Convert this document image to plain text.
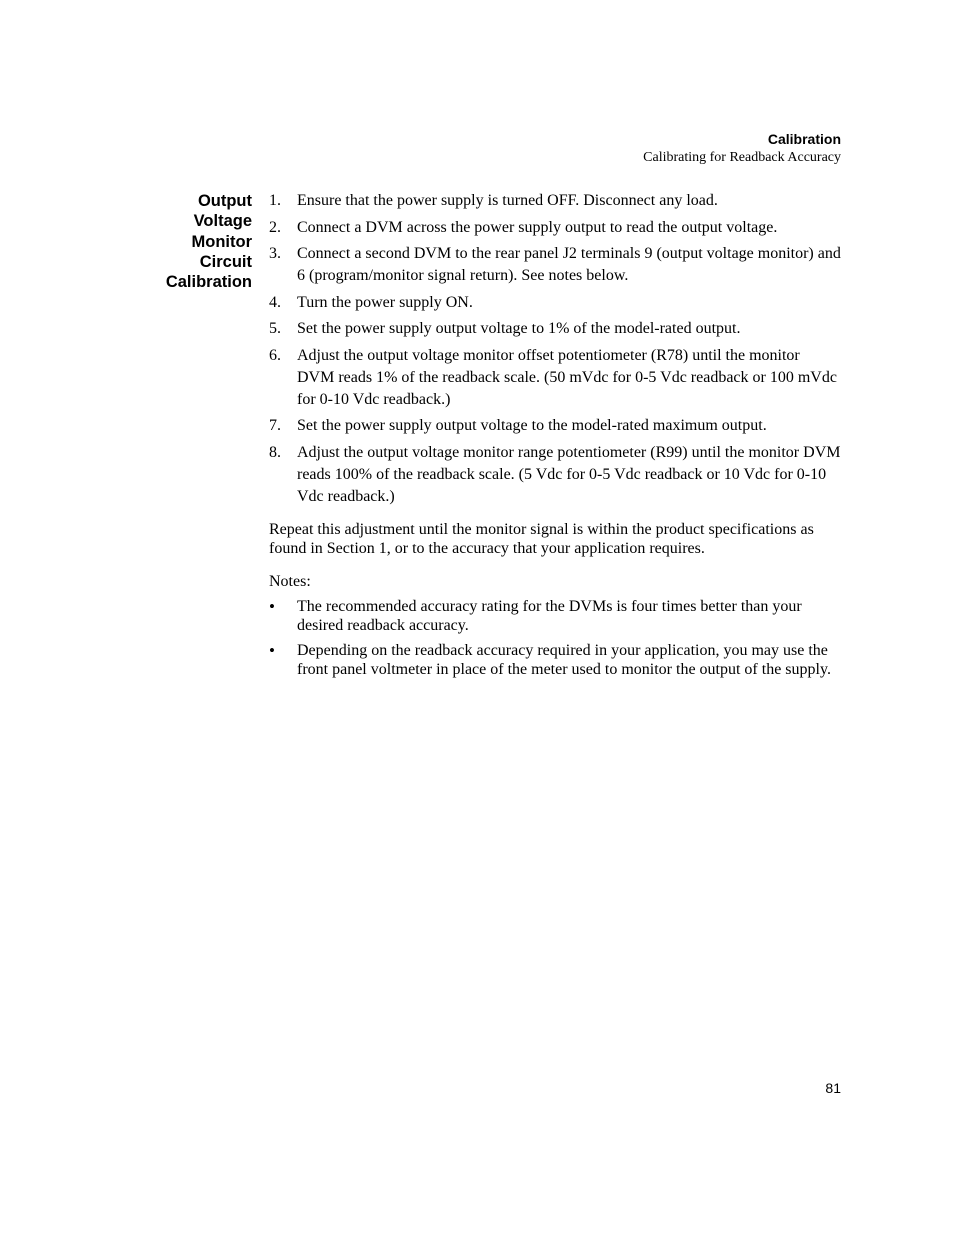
Calibration
Calibrating for Readback Accuracy
Output
Voltage
Monitor
Circuit
Calibration
1. Ensure that the power supply is turned OFF. Disconnect any load.
2. Connect a DVM across the power supply output to read the output voltage.
3. Connect a second DVM to the rear panel J2 terminals 9 (output voltage monitor) and 6 (program/monitor signal return). See notes below.
4. Turn the power supply ON.
5. Set the power supply output voltage to 1% of the model-rated output.
6. Adjust the output voltage monitor offset potentiometer (R78) until the monitor DVM reads 1% of the readback scale. (50 mVdc for 0-5 Vdc readback or 100 mVdc for 0-10 Vdc readback.)
7. Set the power supply output voltage to the model-rated maximum output.
8. Adjust the output voltage monitor range potentiometer (R99) until the monitor DVM reads 100% of the readback scale. (5 Vdc for 0-5 Vdc readback or 10 Vdc for 0-10 Vdc readback.)

Repeat this adjustment until the monitor signal is within the product specifications as found in Section 1, or to the accuracy that your application requires.

Notes:

• The recommended accuracy rating for the DVMs is four times better than your desired readback accuracy.
• Depending on the readback accuracy required in your application, you may use the front panel voltmeter in place of the meter used to monitor the output of the supply.
81
